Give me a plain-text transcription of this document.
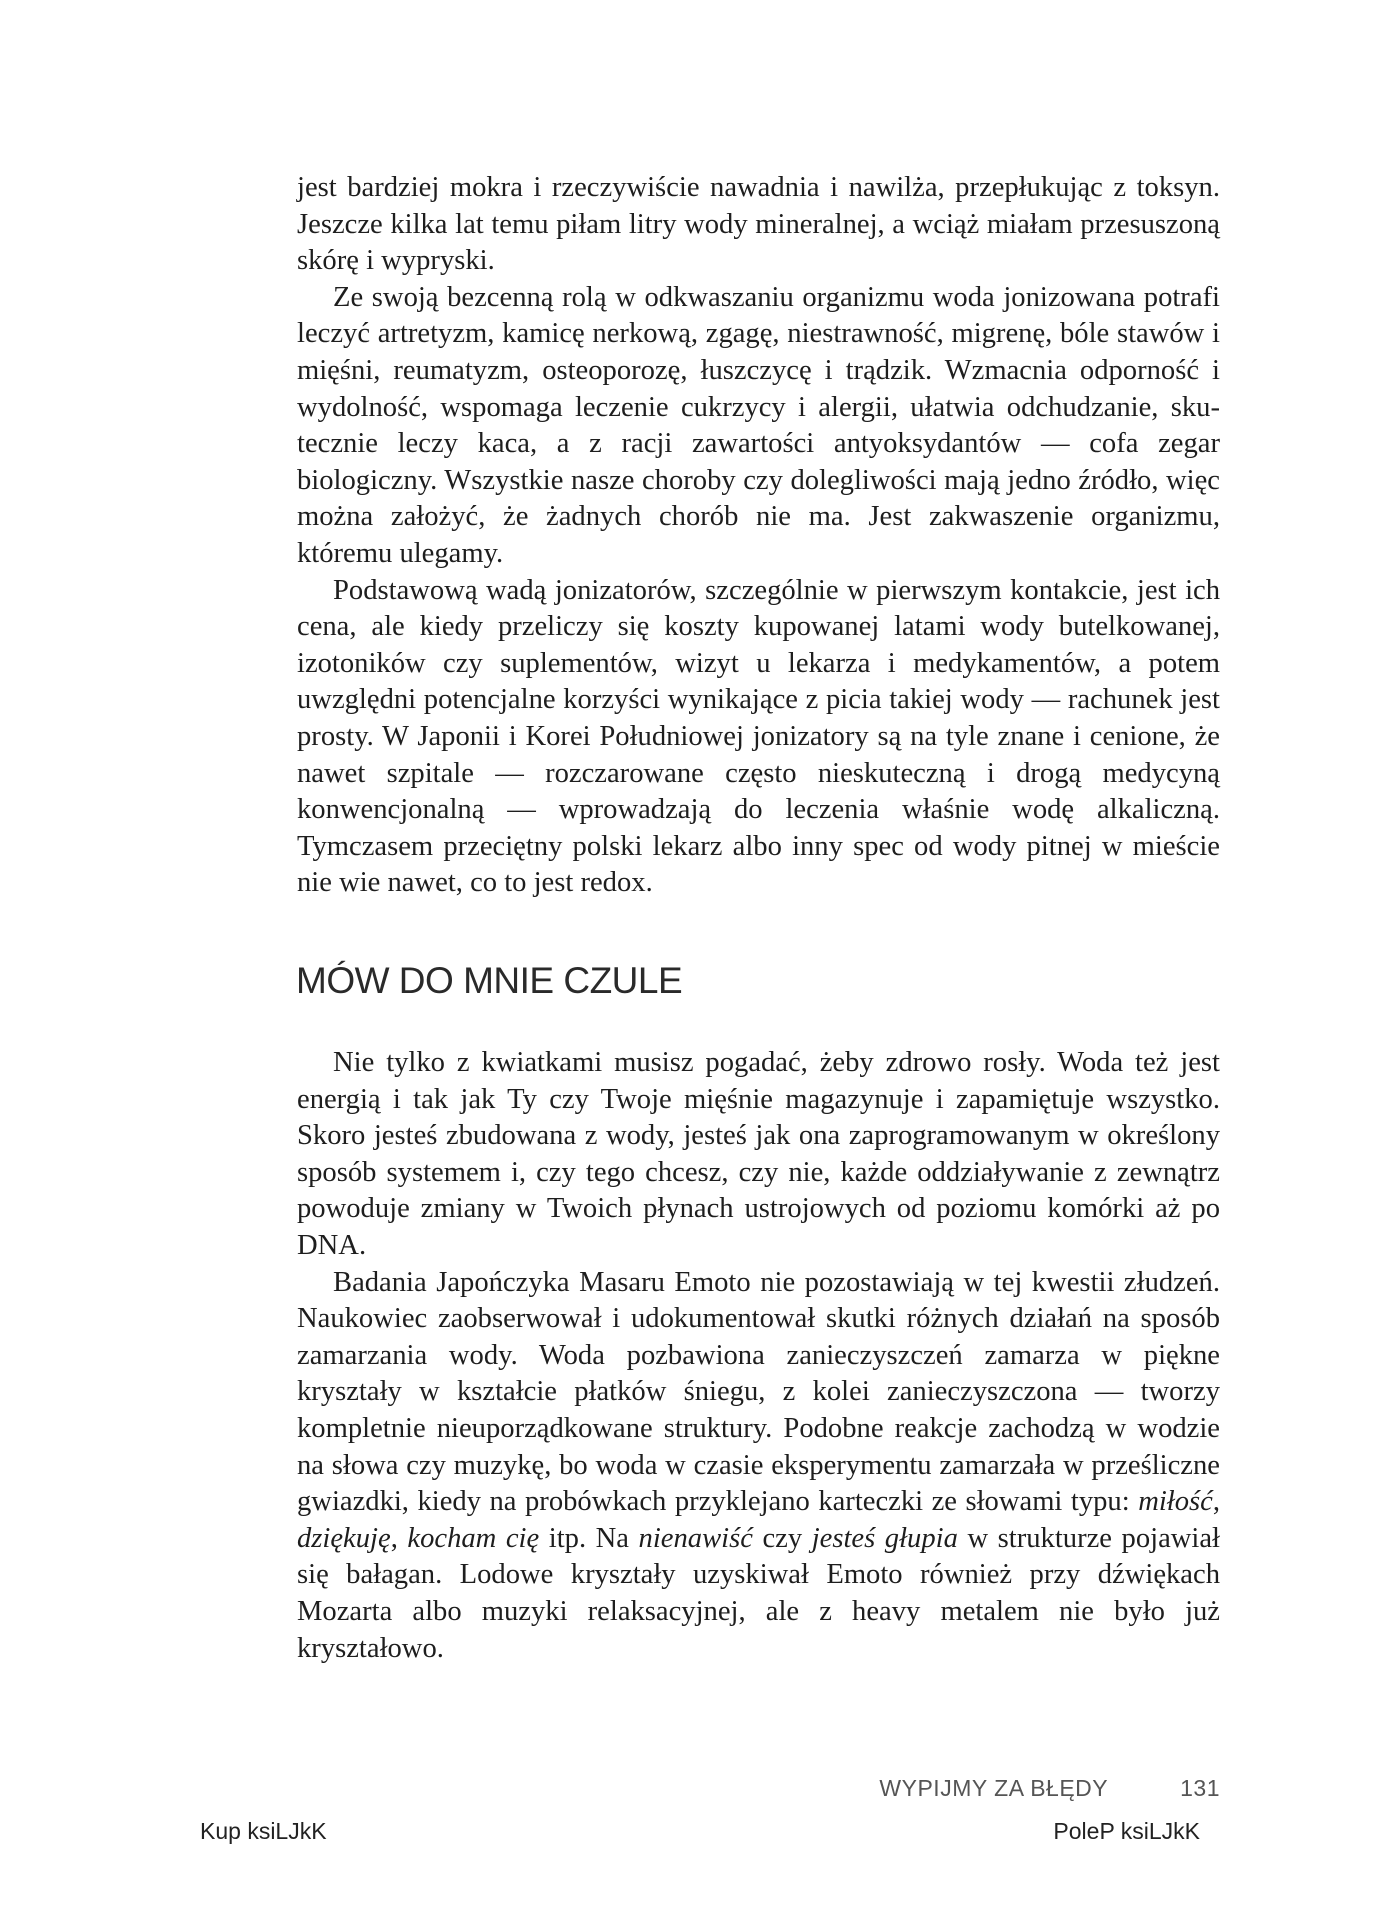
jest bardziej mokra i rzeczywiście nawadnia i nawilża, przepłukując z toksyn. Jeszcze kilka lat temu piłam litry wody mineralnej, a wciąż miałam przesuszoną skórę i wypryski.

Ze swoją bezcenną rolą w odkwaszaniu organizmu woda jonizowana potrafi leczyć artretyzm, kamicę nerkową, zgagę, niestrawność, migrenę, bóle stawów i mięśni, reumatyzm, osteoporozę, łuszczycę i trądzik. Wzmacnia odporność i wydolność, wspomaga leczenie cukrzycy i alergii, ułatwia odchudzanie, skutecznie leczy kaca, a z racji zawartości antyoksydantów — cofa zegar biologiczny. Wszystkie nasze choroby czy dolegliwości mają jedno źródło, więc można założyć, że żadnych chorób nie ma. Jest zakwaszenie organizmu, któremu ulegamy.

Podstawową wadą jonizatorów, szczególnie w pierwszym kontakcie, jest ich cena, ale kiedy przeliczy się koszty kupowanej latami wody butelkowanej, izotoników czy suplementów, wizyt u lekarza i medykamentów, a potem uwzględni potencjalne korzyści wynikające z picia takiej wody — rachunek jest prosty. W Japonii i Korei Południowej jonizatory są na tyle znane i cenione, że nawet szpitale — rozczarowane często nieskuteczną i drogą medycyną konwencjonalną — wprowadzają do leczenia właśnie wodę alkaliczną. Tymczasem przeciętny polski lekarz albo inny spec od wody pitnej w mieście nie wie nawet, co to jest redox.

MÓW DO MNIE CZULE

Nie tylko z kwiatkami musisz pogadać, żeby zdrowo rosły. Woda też jest energią i tak jak Ty czy Twoje mięśnie magazynuje i zapamiętuje wszystko. Skoro jesteś zbudowana z wody, jesteś jak ona zaprogramowanym w określony sposób systemem i, czy tego chcesz, czy nie, każde oddziaływanie z zewnątrz powoduje zmiany w Twoich płynach ustrojowych od poziomu komórki aż po DNA.

Badania Japończyka Masaru Emoto nie pozostawiają w tej kwestii złudzeń. Naukowiec zaobserwował i udokumentował skutki różnych działań na sposób zamarzania wody. Woda pozbawiona zanieczyszczeń zamarza w piękne kryształy w kształcie płatków śniegu, z kolei zanieczyszczona — tworzy kompletnie nieuporządkowane struktury. Podobne reakcje zachodzą w wodzie na słowa czy muzykę, bo woda w czasie eksperymentu zamarzała w prześliczne gwiazdki, kiedy na probówkach przyklejano karteczki ze słowami typu: miłość, dziękuję, kocham cię itp. Na nienawiść czy jesteś głupia w strukturze pojawiał się bałagan. Lodowe kryształy uzyskiwał Emoto również przy dźwiękach Mozarta albo muzyki relaksacyjnej, ale z heavy metalem nie było już kryształowo.

WYPIJMY ZA BŁĘDY	131
Kup ksiLJkK	PoleP ksiLJkK
